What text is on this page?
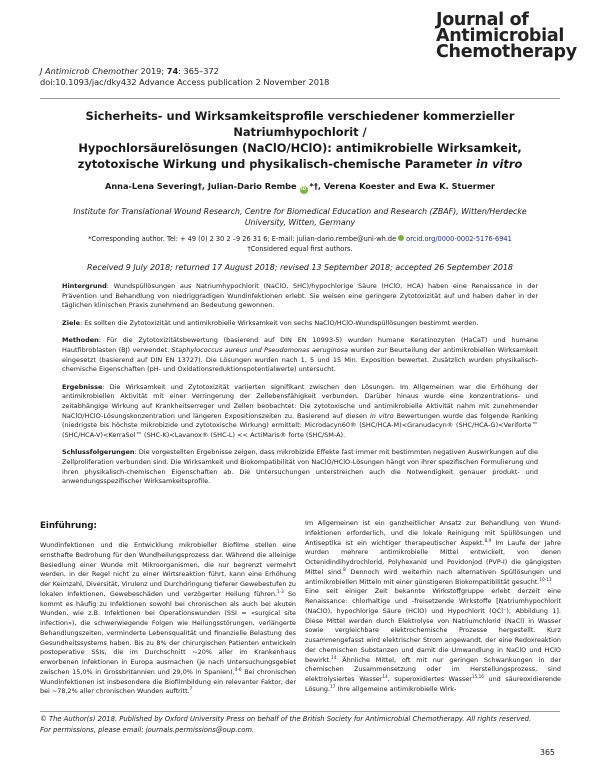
J Antimicrob Chemother 2019; 74: 365–372
doi:10.1093/jac/dky432 Advance Access publication 2 November 2018
Journal of
Antimicrobial
Chemotherapy
Sicherheits- und Wirksamkeitsprofile verschiedener kommerzieller Natriumhypochlorit /
Hypochlorsäurelösungen (NaClO/HClO): antimikrobielle Wirksamkeit,
zytotoxische Wirkung und physikalisch-chemische Parameter in vitro
Anna-Lena Severing†, Julian-Dario Rembe iD *†, Verena Koester and Ewa K. Stuermer
Institute for Translational Wound Research, Centre for Biomedical Education and Research (ZBAF), Witten/Herdecke University, Witten, Germany
*Corresponding author. Tel: + 49 (0) 2 30 2 –9 26 31 6; E-mail: julian-dario.rembe@uni-wh.de orcid.org/0000-0002-5176-6941
†Considered equal first authors.
Received 9 July 2018; returned 17 August 2018; revised 13 September 2018; accepted 26 September 2018

Hintergrund: Wundspüllösungen aus Natriumhypochlorit (NaClO, SHC)/hypochlorige Säure (HClO, HCA) haben eine Renaissance in der Prävention und Behandlung von niedriggradigen Wundinfektionen erlebt. Sie weisen eine geringere Zytotoxizität auf und haben daher in der täglichen klinischen Praxis zunehmend an Bedeutung gewonnen.

Ziele: Es sollten die Zytotoxizität und antimikrobielle Wirksamkeit von sechs NaClO/HClO-Wundspüllösungen bestimmt werden.

Methoden: Für die Zytotoxizitätsbewertung (basierend auf DIN EN 10993-5) wurden humane Keratinozyten (HaCaT) und humane Hautfibroblasten (BJ) verwendet. Staphylococcus aureus und Pseudomonas aeruginosa wurden zur Beurteilung der antimikrobiellen Wirksamkeit eingesetzt (basierend auf DIN EN 13727). Die Lösungen wurden nach 1, 5 und 15 Min. Exposition bewertet. Zusätzlich wurden physikalisch-chemische Eigenschaften (pH- und Oxidationsreduktionspotentialwerte) untersucht.

Ergebnisse: Die Wirksamkeit und Zytotoxizität variierten signifikant zwischen den Lösungen. Im Allgemeinen war die Erhöhung der antimikrobiellen Aktivität mit einer Verringerung der Zellebensfähigkeit verbunden. Darüber hinaus wurde eine konzentrations- und zeitabhängige Wirkung auf Krankheitserreger und Zellen beobachtet: Die zytotoxische und antimikrobielle Aktivität nahm mit zunehmender NaClO/HClO-Lösungskonzentration und längeren Expositionszeiten zu. Basierend auf diesen in vitro Bewertungen wurde das folgende Ranking (niedrigste bis höchste mikrobizide und zytotoxische Wirkung) ermittelt: Microdacyn60® (SHC/HCA-M)<Granudacyn® (SHC/HCA-G)<Veriforte™ (SHC/HCA-V)<KerraSol™ (SHC-K)<Lavanox® (SHC-L) << ActiMaris® forte (SHC/SM-A).

Schlussfolgerungen: Die vorgestellten Ergebnisse zeigen, dass mikrobizide Effekte fast immer mit bestimmten negativen Auswirkungen auf die Zellproliferation verbunden sind. Die Wirksamkeit und Biokompatibilität von NaClO/HClO-Lösungen hängt von ihrer spezifischen Formulierung und ihren physikalisch-chemischen Eigenschaften ab. Die Untersuchungen unterstreichen auch die Notwendigkeit genauer produkt- und anwendungsspezifischer Wirksamkeitsprofile.

Einführung:

Wundinfektionen und die Entwicklung mikrobieller Biofilme stellen eine ernsthafte Bedrohung für den Wundheilungsprozess dar. Während die alleinige Besiedlung einer Wunde mit Mikroorganismen, die nur begrenzt vermehrt werden, in der Regel nicht zu einer Wirtsreaktion führt, kann eine Erhöhung der Keimzahl, Diversität, Virulenz und Durchdringung tieferer Gewebestufen zu lokalen Infektionen, Gewebeschäden und verzögerter Heilung führen.$^{1-3}$ So kommt es häufig zu Infektionen sowohl bei chronischen als auch bei akuten Wunden, wie z.B. Infektionen bei Operationswunden (SSI = «surgical site infection»), die schwerwiegende Folgen wie Heilungsstörungen, verlängerte Behandlungszeiten, verminderte Lebensqualität und finanzielle Belastung des Gesundheitssystems haben. Bis zu 8% der chirurgischen Patienten entwickeln postoperative SSIs, die im Durchschnitt ~20% aller im Krankenhaus erworbenen Infektionen in Europa ausmachen (je nach Untersuchungsgebiet zwischen 15,0% in Grossbritannien und 29,0% in Spanien).$^{4-6}$ Bei chronischen Wundinfektionen ist insbesondere die Biofilmbildung ein relevanter Faktor, der bei ~78,2% aller chronischen Wunden auftritt.$^7$

Im Allgemeinen ist ein ganzheitlicher Ansatz zur Behandlung von Wund-Infektionen erforderlich, und die lokale Reinigung mit Spüllösungen und Antiseptika ist ein wichtiger therapeutischer Aspekt.$^{8,9}$ Im Laufe der Jahre wurden mehrere antimikrobielle Mittel entwickelt, von denen Octenidindihydrochlorid, Polyhexanid und Povidonjod (PVP-I) die gängigsten Mittel sind.$^8$ Dennoch wird weiterhin nach alternativen Spüllösungen und antimikrobiellen Mitteln mit einer günstigeren Biokompatibilität gesucht.$^{10-13}$

Eine seit einiger Zeit bekannte Wirkstoffgruppe erlebt derzeit eine Renaissance: chlorhaltige und -freisetzende Wirkstoffe [Natriumhypochlorit (NaClO), hypochlorige Säure (HClO) und Hypochlorit (OCl⁻); Abbildung 1]. Diese Mittel werden durch Elektrolyse von Natriumchlorid (NaCl) in Wasser sowie vergleichbare elektrochemische Prozesse hergestellt. Kurz zusammengefasst wird elektrischer Strom angewandt, der eine Redoxreaktion der chemischen Substanzen und damit die Umwandlung in NaClO und HClO bewirkt.$^{14}$ Ähnliche Mittel, oft mit nur geringen Schwankungen in der chemischen Zusammensetzung oder im Herstellungsprozess, sind elektrolysiertes Wasser$^{14}$, superoxidiertes Wasser$^{15,16}$ und säureoxidierende Lösung.$^{17}$ Ihre allgemeine antimikrobielle Wirk-

© The Author(s) 2018. Published by Oxford University Press on behalf of the British Society for Antimicrobial Chemotherapy. All rights reserved.
For permissions, please email: journals.permissions@oup.com.
365
